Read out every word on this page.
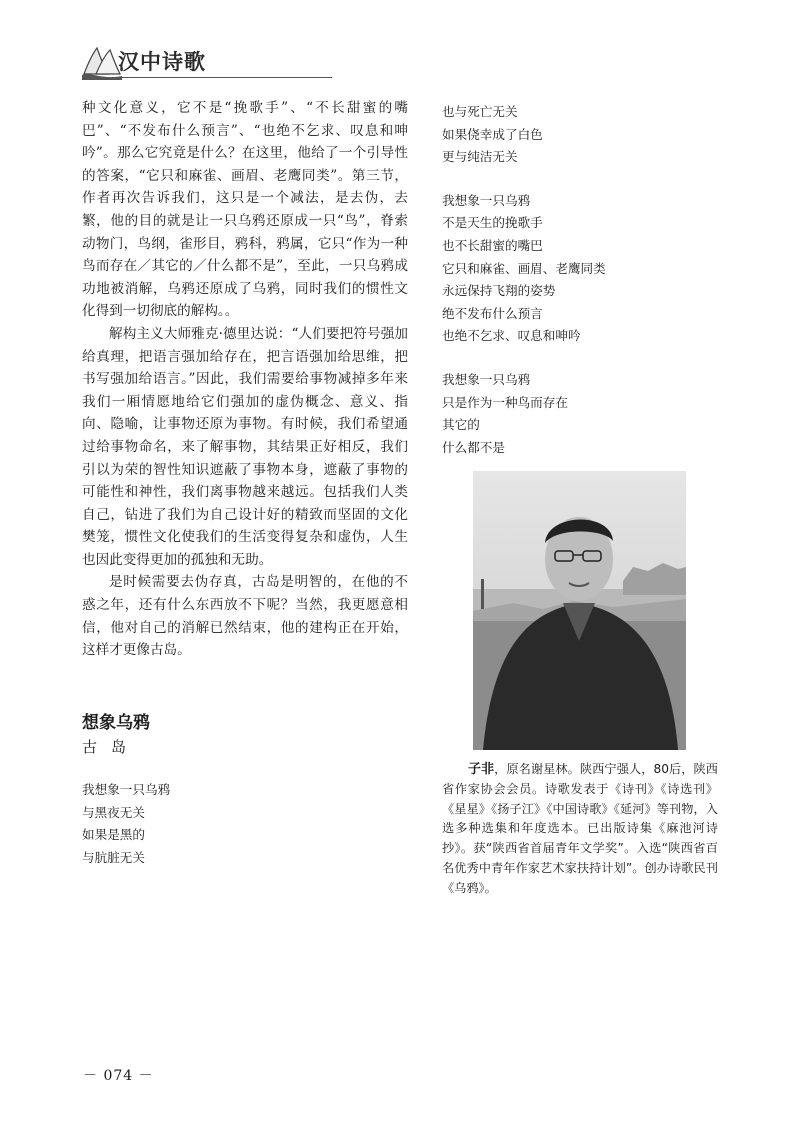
汉中诗歌

种文化意义，它不是“挽歌手”、“不长甜蜜的嘴巴”、“不发布什么预言”、“也绝不乞求、叹息和呻吟”。那么它究竟是什么？在这里，他给了一个引导性的答案，“它只和麻雀、画眉、老鹰同类”。第三节，作者再次告诉我们，这只是一个减法，是去伪，去繁，他的目的就是让一只乌鸦还原成一只“鸟”，脊索动物门，鸟纲，雀形目，鸦科，鸦属，它只“作为一种鸟而存在／其它的／什么都不是”，至此，一只乌鸦成功地被消解，乌鸦还原成了乌鸦，同时我们的惯性文化得到一切彻底的解构。。

解构主义大师雅克·德里达说：“人们要把符号强加给真理，把语言强加给存在，把言语强加给思维，把书写强加给语言。”因此，我们需要给事物减掉多年来我们一厢情愿地给它们强加的虚伪概念、意义、指向、隐喻，让事物还原为事物。有时候，我们希望通过给事物命名，来了解事物，其结果正好相反，我们引以为荣的智性知识遮蔽了事物本身，遮蔽了事物的可能性和神性，我们离事物越来越远。包括我们人类自己，钻进了我们为自己设计好的精致而坚固的文化樊笼，惯性文化使我们的生活变得复杂和虚伪，人生也因此变得更加的孤独和无助。

是时候需要去伪存真，古岛是明智的，在他的不惑之年，还有什么东西放不下呢？当然，我更愿意相信，他对自己的消解已然结束，他的建构正在开始，这样才更像古岛。

想象乌鸦
古岛
我想象一只乌鸦
与黑夜无关
如果是黑的
与肮脏无关
也与死亡无关
如果侥幸成了白色
更与纯洁无关
我想象一只乌鸦
不是天生的挽歌手
也不长甜蜜的嘴巴
它只和麻雀、画眉、老鹰同类
永远保持飞翔的姿势
绝不发布什么预言
也绝不乞求、叹息和呻吟
我想象一只乌鸦
只是作为一种鸟而存在
其它的
什么都不是
子非，原名谢星林。陕西宁强人，80后，陕西省作家协会会员。诗歌发表于《诗刊》《诗选刊》《星星》《扬子江》《中国诗歌》《延河》等刊物，入选多种选集和年度选本。已出版诗集《麻池河诗抄》。获“陕西省首届青年文学奖”。入选“陕西省百名优秀中青年作家艺术家扶持计划”。创办诗歌民刊《乌鸦》。
－ 074 －
